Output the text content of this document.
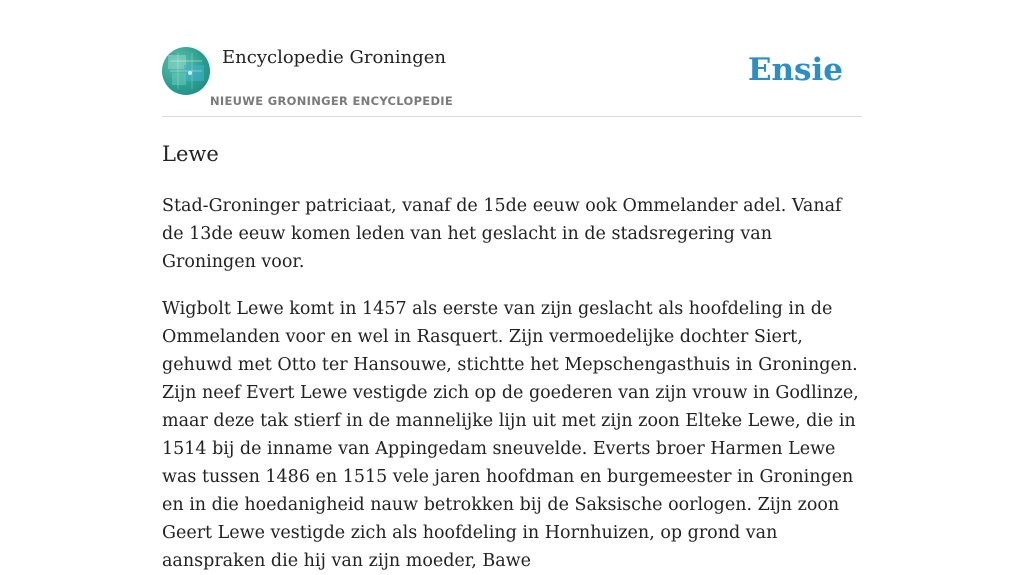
Encyclopedie Groningen
NIEUWE GRONINGER ENCYCLOPEDIE
Ensie
Lewe

Stad-Groninger patriciaat, vanaf de 15de eeuw ook Ommelander adel. Vanaf de 13de eeuw komen leden van het geslacht in de stadsregering van Groningen voor.

Wigbolt Lewe komt in 1457 als eerste van zijn geslacht als hoofdeling in de Ommelanden voor en wel in Rasquert. Zijn vermoedelijke dochter Siert, gehuwd met Otto ter Hansouwe, stichtte het Mepschengasthuis in Groningen. Zijn neef Evert Lewe vestigde zich op de goederen van zijn vrouw in Godlinze, maar deze tak stierf in de mannelijke lijn uit met zijn zoon Elteke Lewe, die in 1514 bij de inname van Appingedam sneuvelde. Everts broer Harmen Lewe was tussen 1486 en 1515 vele jaren hoofdman en burgemeester in Groningen en in die hoedanigheid nauw betrokken bij de Saksische oorlogen. Zijn zoon Geert Lewe vestigde zich als hoofdeling in Hornhuizen, op grond van aanspraken die hij van zijn moeder, Bawe
